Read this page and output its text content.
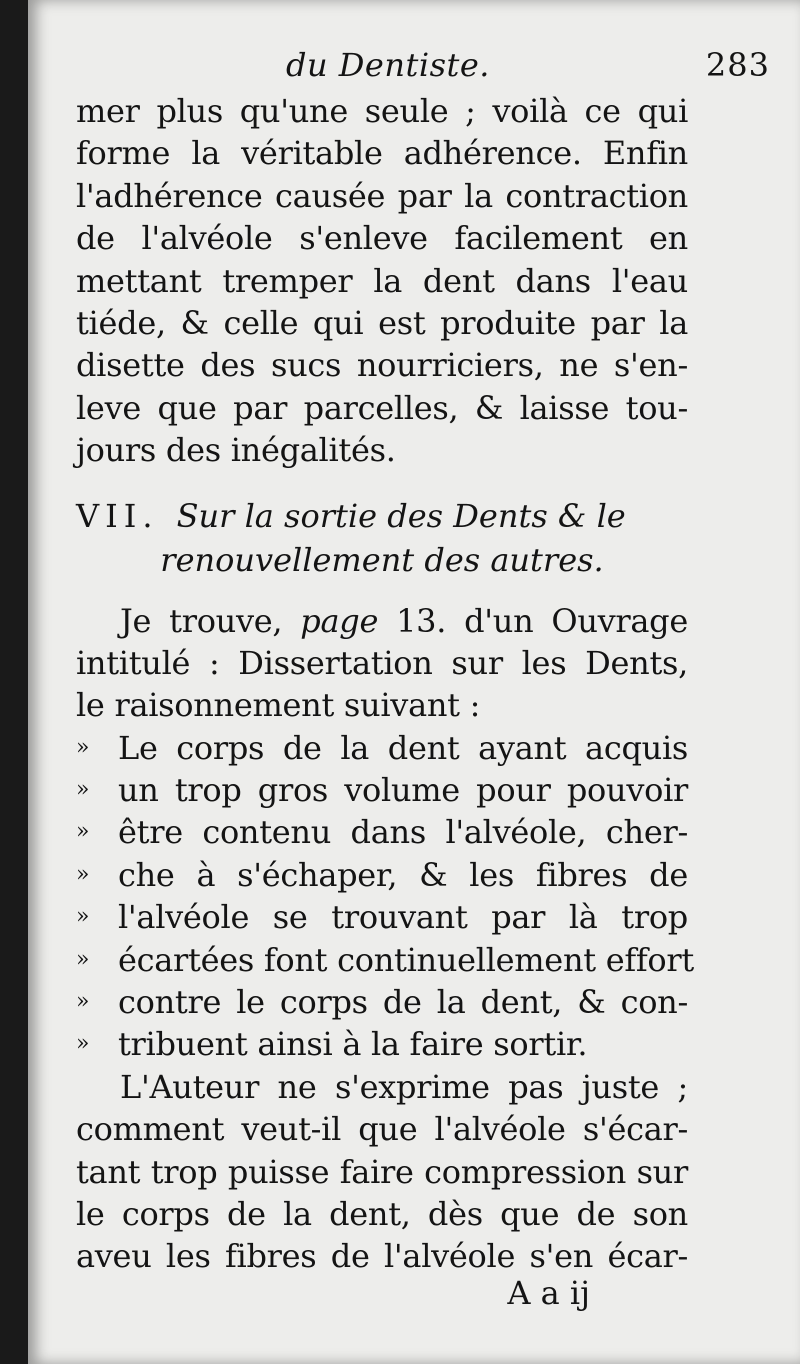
du Dentiste.	283
mer plus qu'une seule ; voilà ce qui
forme la véritable adhérence. Enfin
l'adhérence causée par la contraction
de l'alvéole s'enleve facilement en
mettant tremper la dent dans l'eau
tiéde, & celle qui est produite par la
disette des sucs nourriciers, ne s'en-
leve que par parcelles, & laisse tou-
jours des inégalités.
VII. Sur la sortie des Dents & le
renouvellement des autres.
Je trouve, page 13. d'un Ouvrage
intitulé : Dissertation sur les Dents,
le raisonnement suivant :
» Le corps de la dent ayant acquis
» un trop gros volume pour pouvoir
» être contenu dans l'alvéole, cher-
» che à s'échaper, & les fibres de
» l'alvéole se trouvant par là trop
» écartées font continuellement effort
» contre le corps de la dent, & con-
» tribuent ainsi à la faire sortir.
L'Auteur ne s'exprime pas juste ;
comment veut-il que l'alvéole s'écar-
tant trop puisse faire compression sur
le corps de la dent, dès que de son
aveu les fibres de l'alvéole s'en écar-
A a ij
